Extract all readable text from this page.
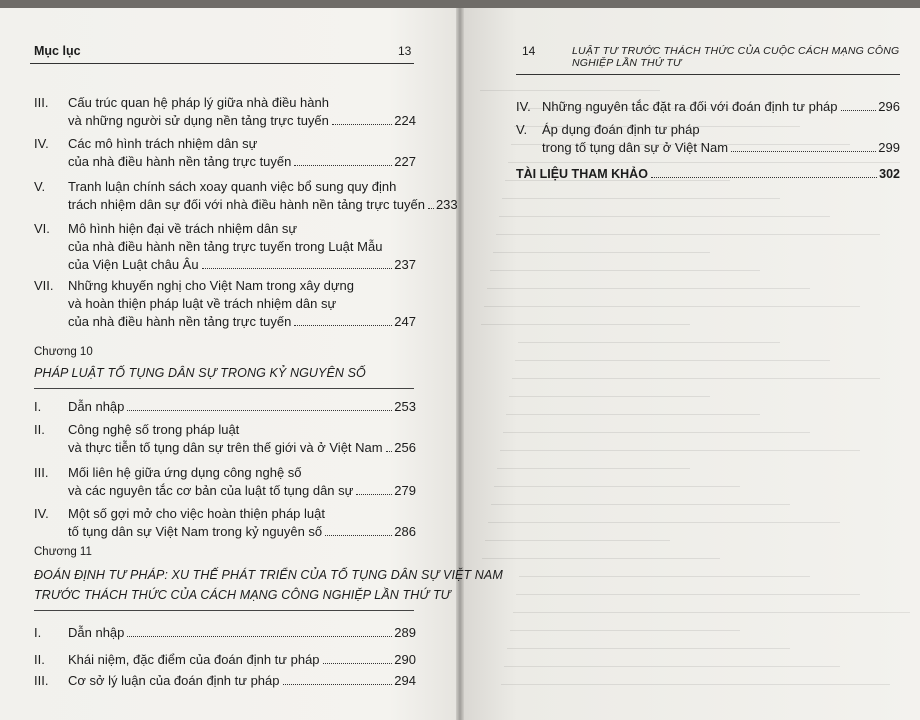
Mục lục	13	14	LUẬT TƯ TRƯỚC THÁCH THỨC CỦA CUỘC CÁCH MẠNG CÔNG NGHIỆP LẦN THỨ TƯ
Chương 10
PHÁP LUẬT TỐ TỤNG DÂN SỰ TRONG KỶ NGUYÊN SỐ
Chương 11
ĐOÁN ĐỊNH TƯ PHÁP: XU THẾ PHÁT TRIỂN CỦA TỐ TỤNG DÂN SỰ VIỆT NAM
TRƯỚC THÁCH THỨC CỦA CÁCH MẠNG CÔNG NGHIỆP LẦN THỨ TƯ
TÀI LIỆU THAM KHẢO	302
III. Cấu trúc quan hệ pháp lý giữa nhà điều hành
và những người sử dụng nền tảng trực tuyến	224
IV. Các mô hình trách nhiệm dân sự
của nhà điều hành nền tảng trực tuyến	227
V. Tranh luận chính sách xoay quanh việc bổ sung quy định
trách nhiệm dân sự đối với nhà điều hành nền tảng trực tuyến 233
VI. Mô hình hiện đại về trách nhiệm dân sự
của nhà điều hành nền tảng trực tuyến trong Luật Mẫu
của Viện Luật châu Âu	237
VII. Những khuyến nghị cho Việt Nam trong xây dựng
và hoàn thiện pháp luật về trách nhiệm dân sự
của nhà điều hành nền tảng trực tuyến	247
I. Dẫn nhập	253
II. Công nghệ số trong pháp luật
và thực tiễn tố tụng dân sự trên thế giới và ở Việt Nam 256
III. Mối liên hệ giữa ứng dụng công nghệ số
và các nguyên tắc cơ bản của luật tố tụng dân sự	279
IV. Một số gợi mở cho việc hoàn thiện pháp luật
tố tụng dân sự Việt Nam trong kỷ nguyên số	286
I. Dẫn nhập	289
II. Khái niệm, đặc điểm của đoán định tư pháp	290
III. Cơ sở lý luận của đoán định tư pháp	294
IV. Những nguyên tắc đặt ra đối với đoán định tư pháp	296
V. Áp dụng đoán định tư pháp
trong tố tụng dân sự ở Việt Nam	299
